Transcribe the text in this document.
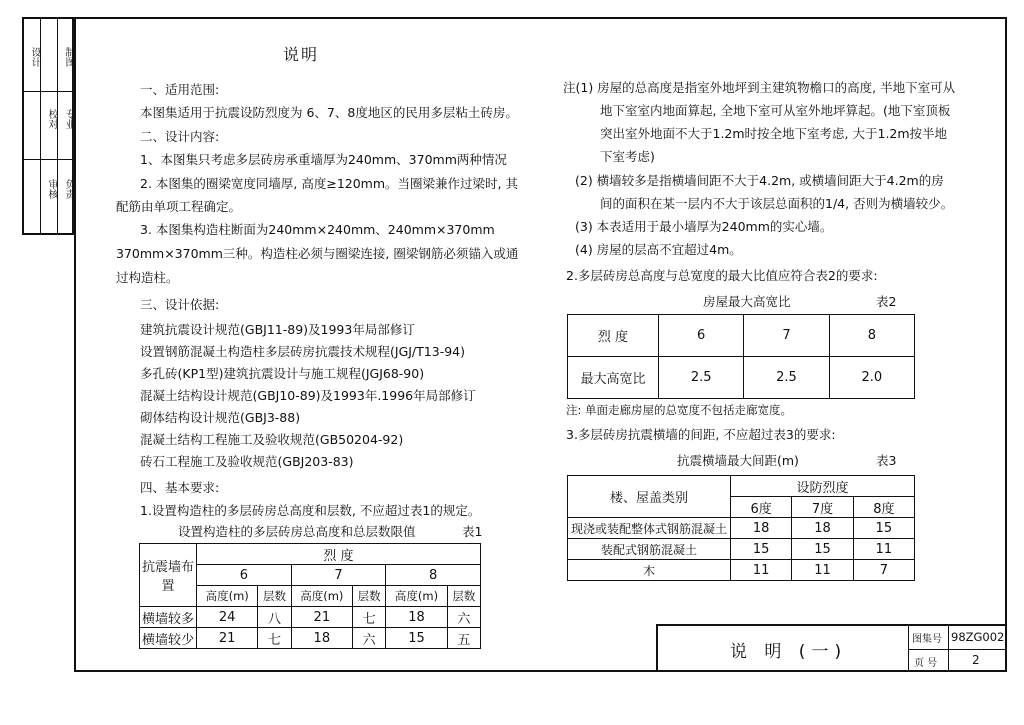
设计
校对
审核
制图
专业
负责
说明
一、适用范围:
本图集适用于抗震设防烈度为 6、7、8度地区的民用多层粘土砖房。
二、设计内容:
1、本图集只考虑多层砖房承重墙厚为240mm、370mm两种情况
2. 本图集的圈梁宽度同墙厚, 高度≥120mm。当圈梁兼作过梁时, 其
配筋由单项工程确定。
3. 本图集构造柱断面为240mm×240mm、240mm×370mm
370mm×370mm三种。构造柱必须与圈梁连接, 圈梁钢筋必须锚入或通
过构造柱。
三、设计依据:
建筑抗震设计规范(GBJ11-89)及1993年局部修订
设置钢筋混凝土构造柱多层砖房抗震技术规程(JGJ/T13-94)
多孔砖(KP1型)建筑抗震设计与施工规程(JGJ68-90)
混凝土结构设计规范(GBJ10-89)及1993年.1996年局部修订
砌体结构设计规范(GBJ3-88)
混凝土结构工程施工及验收规范(GB50204-92)
砖石工程施工及验收规范(GBJ203-83)
四、基本要求:
1.设置构造柱的多层砖房总高度和层数, 不应超过表1的规定。
设置构造柱的多层砖房总高度和总层数限值	表1
抗震墙布置	烈 度					
	6		7		8	
	高度(m)	层数	高度(m)	层数	高度(m)	层数
横墙较多	24	八	21	七	18	六
横墙较少	21	七	18	六	15	五
注(1) 房屋的总高度是指室外地坪到主建筑物檐口的高度, 半地下室可从
地下室室内地面算起, 全地下室可从室外地坪算起。(地下室顶板
突出室外地面不大于1.2m时按全地下室考虑, 大于1.2m按半地
下室考虑)
(2) 横墙较多是指横墙间距不大于4.2m, 或横墙间距大于4.2m的房
间的面积在某一层内不大于该层总面积的1/4, 否则为横墙较少。
(3) 本表适用于最小墙厚为240mm的实心墙。
(4) 房屋的层高不宜超过4m。
2.多层砖房总高度与总宽度的最大比值应符合表2的要求:
房屋最大高宽比	表2
烈 度	6	7	8
最大高宽比	2.5	2.5	2.0
注: 单面走廊房屋的总宽度不包括走廊宽度。
3.多层砖房抗震横墙的间距, 不应超过表3的要求:
抗震横墙最大间距(m)	表3
楼、屋盖类别	设防烈度		
	6度	7度	8度
现浇或装配整体式钢筋混凝土	18	18	15
装配式钢筋混凝土	15	15	11
木	11	11	7
说 明 (一)
图集号 98ZG002
页 号	2
